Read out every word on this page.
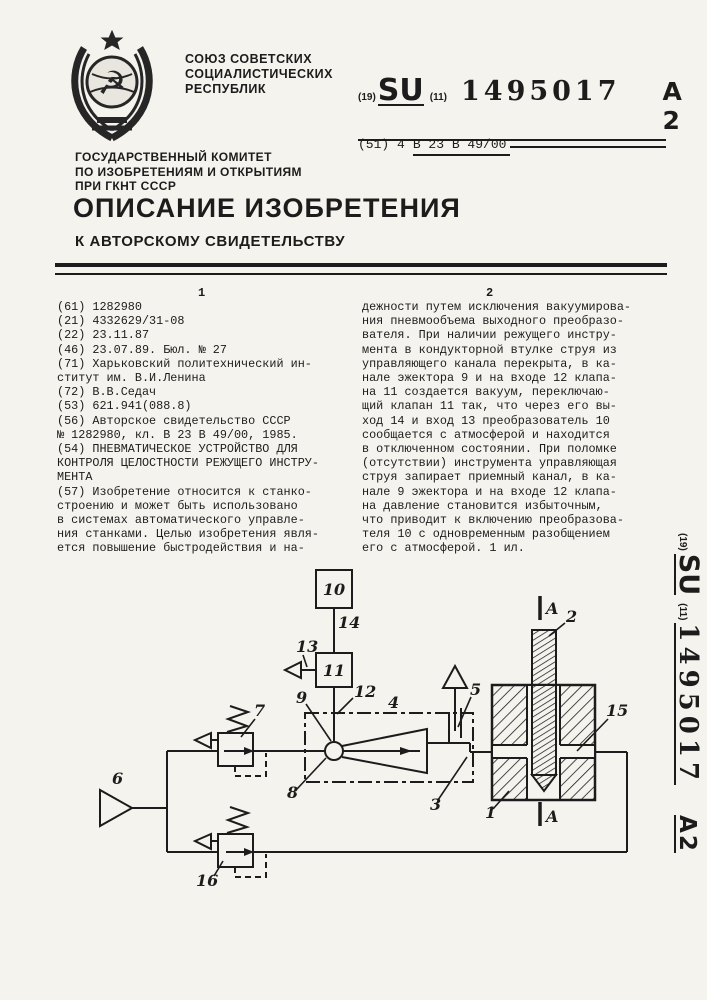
☭
СОЮЗ СОВЕТСКИХ
СОЦИАЛИСТИЧЕСКИХ
РЕСПУБЛИК
(19) SU (11) 1495017 A 2
(51) 4 B 23 B 49/00
ГОСУДАРСТВЕННЫЙ КОМИТЕТ
ПО ИЗОБРЕТЕНИЯМ И ОТКРЫТИЯМ
ПРИ ГКНТ СССР
ОПИСАНИЕ ИЗОБРЕТЕНИЯ
К АВТОРСКОМУ СВИДЕТЕЛЬСТВУ
1	2
(61) 1282980
(21) 4332629/31-08
(22) 23.11.87
(46) 23.07.89. Бюл. № 27
(71) Харьковский политехнический ин-
ститут им. В.И.Ленина
(72) В.В.Седач
(53) 621.941(088.8)
(56) Авторское свидетельство СССР
№ 1282980, кл. В 23 В 49/00, 1985.
(54) ПНЕВМАТИЧЕСКОЕ УСТРОЙСТВО ДЛЯ
КОНТРОЛЯ ЦЕЛОСТНОСТИ РЕЖУЩЕГО ИНСТРУ-
МЕНТА
(57) Изобретение относится к станко-
строению и может быть использовано
в системах автоматического управле-
ния станками. Целью изобретения явля-
ется повышение быстродействия и на-
дежности путем исключения вакуумирова-
ния пневмообъема выходного преобразо-
вателя. При наличии режущего инстру-
мента в кондукторной втулке струя из
управляющего канала перекрыта, в ка-
нале эжектора 9 и на входе 12 клапа-
на 11 создается вакуум, переключаю-
щий клапан 11 так, что через его вы-
ход 14 и вход 13 преобразователь 10
сообщается с атмосферой и находится
в отключенном состоянии. При поломке
(отсутствии) инструмента управляющая
струя запирает приемный канал, в ка-
нале 9 эжектора и на входе 12 клапа-
на давление становится избыточным,
что приводит к включению преобразова-
теля 10 с одновременным разобщением
его с атмосферой. 1 ил.
10
11
14
13
12
9	4
8
5
3
6
7
16
2
15
1
A
A
(19)
SU
(11)
1495017
A2
